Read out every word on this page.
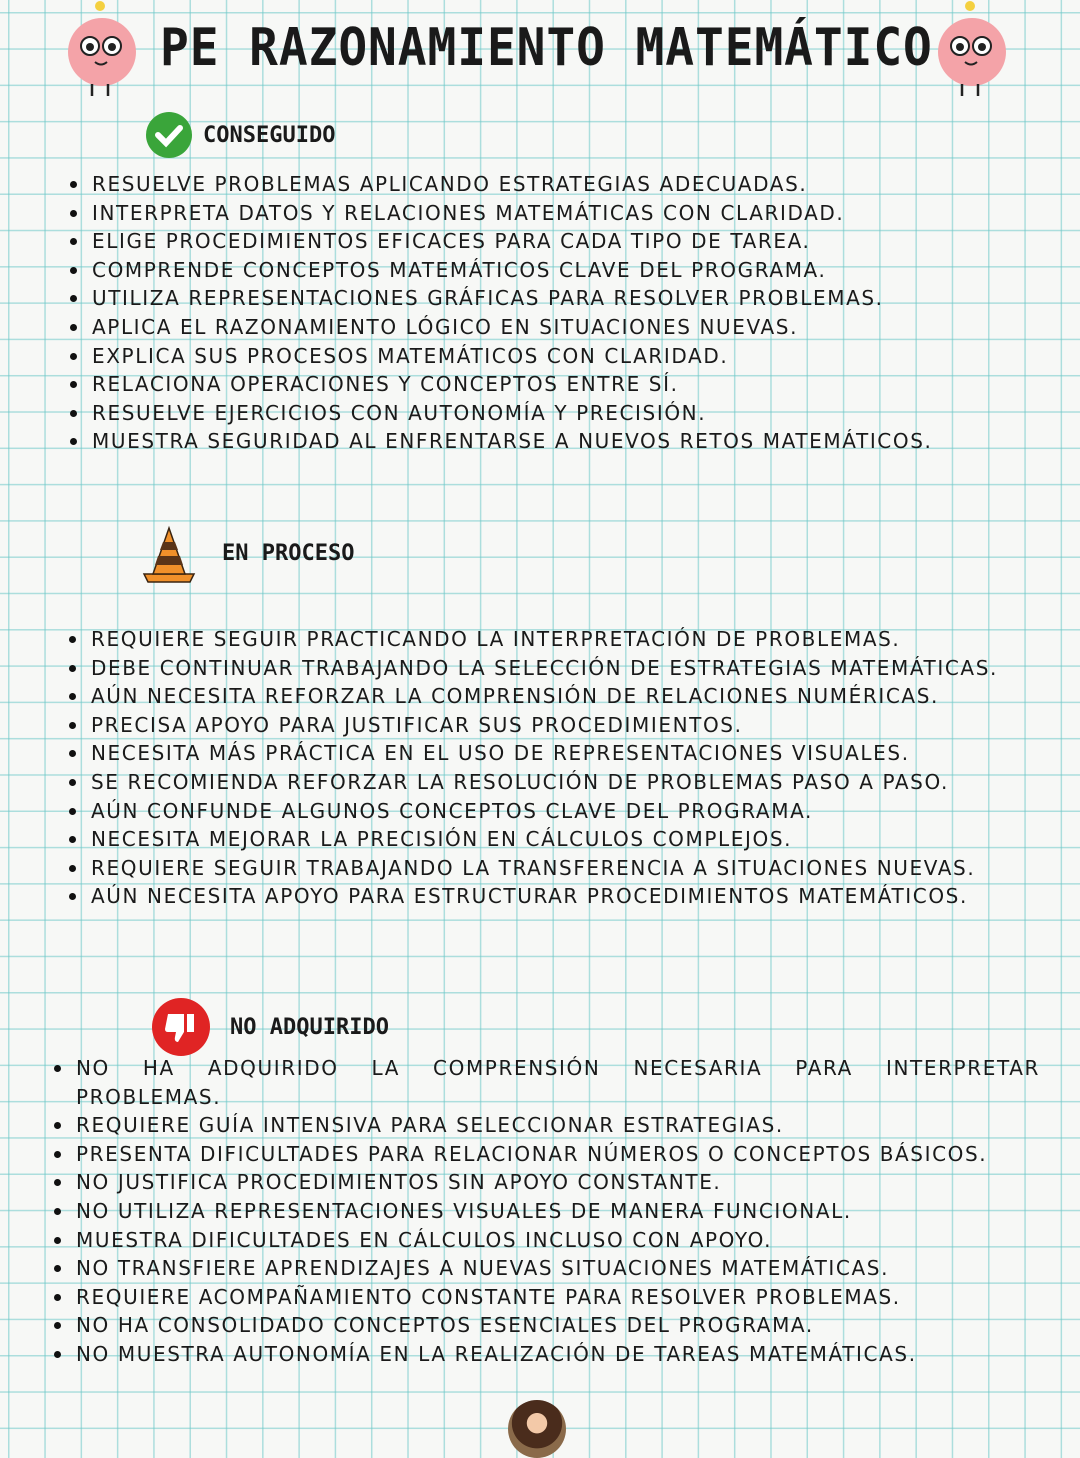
PE RAZONAMIENTO MATEMÁTICO
CONSEGUIDO
RESUELVE PROBLEMAS APLICANDO ESTRATEGIAS ADECUADAS.
INTERPRETA DATOS Y RELACIONES MATEMÁTICAS CON CLARIDAD.
ELIGE PROCEDIMIENTOS EFICACES PARA CADA TIPO DE TAREA.
COMPRENDE CONCEPTOS MATEMÁTICOS CLAVE DEL PROGRAMA.
UTILIZA REPRESENTACIONES GRÁFICAS PARA RESOLVER PROBLEMAS.
APLICA EL RAZONAMIENTO LÓGICO EN SITUACIONES NUEVAS.
EXPLICA SUS PROCESOS MATEMÁTICOS CON CLARIDAD.
RELACIONA OPERACIONES Y CONCEPTOS ENTRE SÍ.
RESUELVE EJERCICIOS CON AUTONOMÍA Y PRECISIÓN.
MUESTRA SEGURIDAD AL ENFRENTARSE A NUEVOS RETOS MATEMÁTICOS.
EN PROCESO
REQUIERE SEGUIR PRACTICANDO LA INTERPRETACIÓN DE PROBLEMAS.
DEBE CONTINUAR TRABAJANDO LA SELECCIÓN DE ESTRATEGIAS MATEMÁTICAS.
AÚN NECESITA REFORZAR LA COMPRENSIÓN DE RELACIONES NUMÉRICAS.
PRECISA APOYO PARA JUSTIFICAR SUS PROCEDIMIENTOS.
NECESITA MÁS PRÁCTICA EN EL USO DE REPRESENTACIONES VISUALES.
SE RECOMIENDA REFORZAR LA RESOLUCIÓN DE PROBLEMAS PASO A PASO.
AÚN CONFUNDE ALGUNOS CONCEPTOS CLAVE DEL PROGRAMA.
NECESITA MEJORAR LA PRECISIÓN EN CÁLCULOS COMPLEJOS.
REQUIERE SEGUIR TRABAJANDO LA TRANSFERENCIA A SITUACIONES NUEVAS.
AÚN NECESITA APOYO PARA ESTRUCTURAR PROCEDIMIENTOS MATEMÁTICOS.
NO ADQUIRIDO
NO HA ADQUIRIDO LA COMPRENSIÓN NECESARIA PARA INTERPRETAR
PROBLEMAS.
REQUIERE GUÍA INTENSIVA PARA SELECCIONAR ESTRATEGIAS.
PRESENTA DIFICULTADES PARA RELACIONAR NÚMEROS O CONCEPTOS BÁSICOS.
NO JUSTIFICA PROCEDIMIENTOS SIN APOYO CONSTANTE.
NO UTILIZA REPRESENTACIONES VISUALES DE MANERA FUNCIONAL.
MUESTRA DIFICULTADES EN CÁLCULOS INCLUSO CON APOYO.
NO TRANSFIERE APRENDIZAJES A NUEVAS SITUACIONES MATEMÁTICAS.
REQUIERE ACOMPAÑAMIENTO CONSTANTE PARA RESOLVER PROBLEMAS.
NO HA CONSOLIDADO CONCEPTOS ESENCIALES DEL PROGRAMA.
NO MUESTRA AUTONOMÍA EN LA REALIZACIÓN DE TAREAS MATEMÁTICAS.
